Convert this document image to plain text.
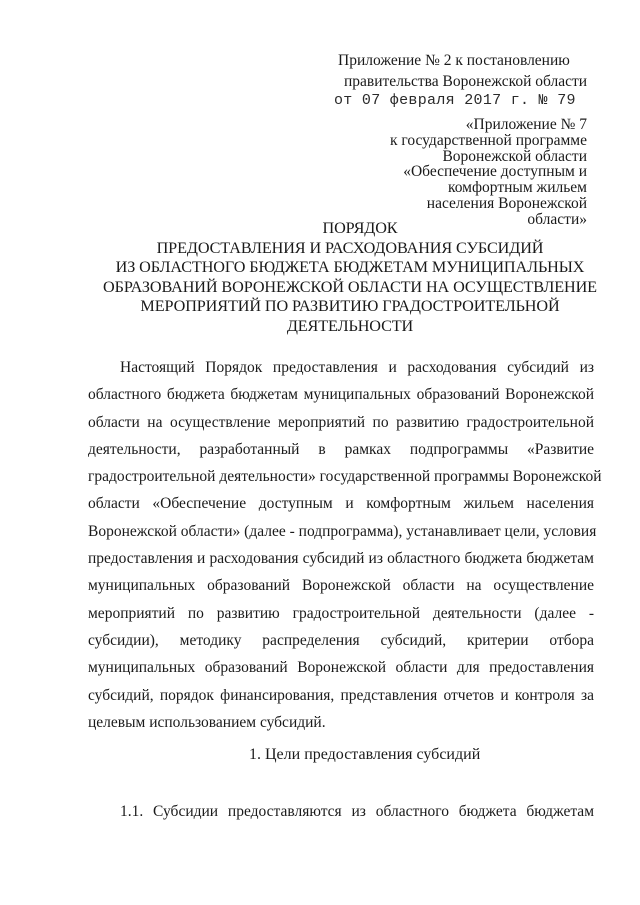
Приложение № 2 к постановлению
правительства Воронежской области
от 07 февраля 2017 г. № 79
«Приложение № 7
к государственной программе
Воронежской области
«Обеспечение доступным и
комфортным жильем
населения Воронежской
области»
ПОРЯДОК
ПРЕДОСТАВЛЕНИЯ И РАСХОДОВАНИЯ СУБСИДИЙ
ИЗ ОБЛАСТНОГО БЮДЖЕТА БЮДЖЕТАМ МУНИЦИПАЛЬНЫХ
ОБРАЗОВАНИЙ ВОРОНЕЖСКОЙ ОБЛАСТИ НА ОСУЩЕСТВЛЕНИЕ
МЕРОПРИЯТИЙ ПО РАЗВИТИЮ ГРАДОСТРОИТЕЛЬНОЙ
ДЕЯТЕЛЬНОСТИ
Настоящий Порядок предоставления и расходования субсидий из
областного бюджета бюджетам муниципальных образований Воронежской
области на осуществление мероприятий по развитию градостроительной
деятельности, разработанный в рамках подпрограммы «Развитие
градостроительной деятельности» государственной программы Воронежской
области «Обеспечение доступным и комфортным жильем населения
Воронежской области» (далее - подпрограмма), устанавливает цели, условия
предоставления и расходования субсидий из областного бюджета бюджетам
муниципальных образований Воронежской области на осуществление
мероприятий по развитию градостроительной деятельности (далее -
субсидии), методику распределения субсидий, критерии отбора
муниципальных образований Воронежской области для предоставления
субсидий, порядок финансирования, представления отчетов и контроля за
целевым использованием субсидий.
1. Цели предоставления субсидий
1.1. Субсидии предоставляются из областного бюджета бюджетам
